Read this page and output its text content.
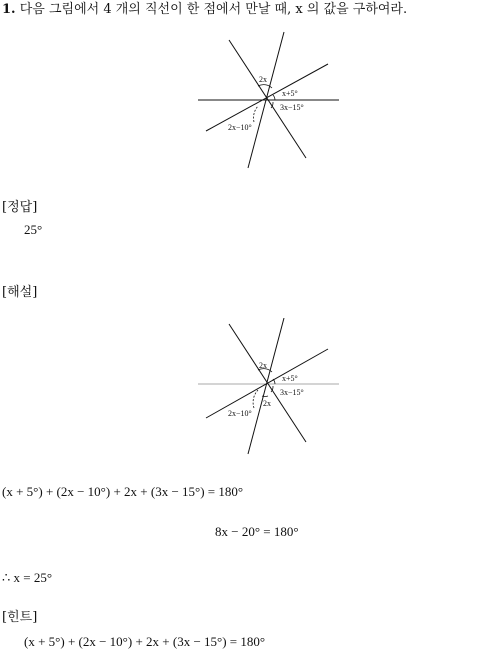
1. 다음 그림에서 4 개의 직선이 한 점에서 만날 때, x 의 값을 구하여라.
2x
x+5°
3x−15°
2x−10°
[정답]
25°
[해설]
2x
x+5°
3x−15°
2x
2x−10°
(x + 5°) + (2x − 10°) + 2x + (3x − 15°) = 180°
8x − 20° = 180°
∴ x = 25°
[힌트]
(x + 5°) + (2x − 10°) + 2x + (3x − 15°) = 180°
